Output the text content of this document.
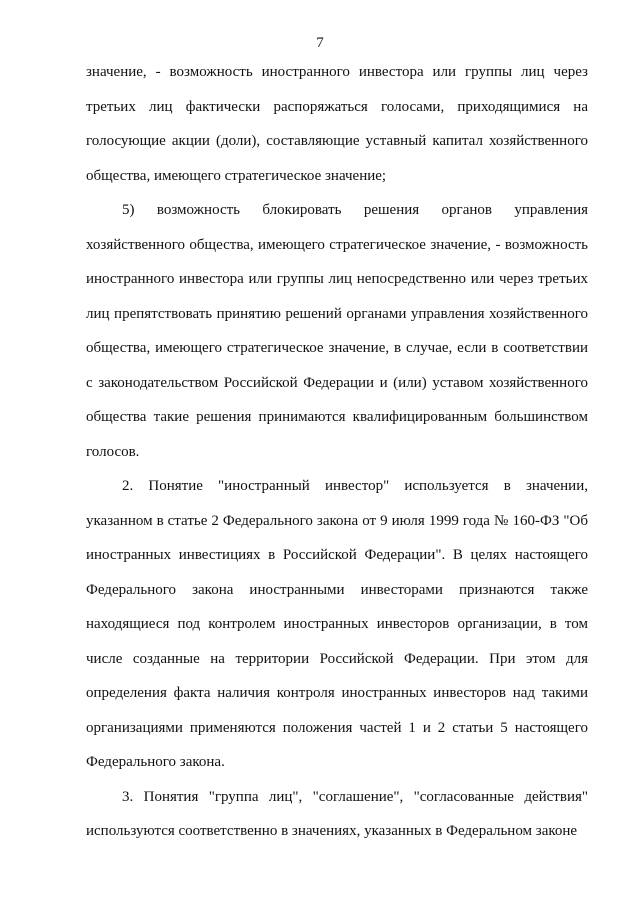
7

значение, - возможность иностранного инвестора или группы лиц через третьих лиц фактически распоряжаться голосами, приходящимися на голосующие акции (доли), составляющие уставный капитал хозяйственного общества, имеющего стратегическое значение;

5) возможность блокировать решения органов управления хозяйственного общества, имеющего стратегическое значение, - возможность иностранного инвестора или группы лиц непосредственно или через третьих лиц препятствовать принятию решений органами управления хозяйственного общества, имеющего стратегическое значение, в случае, если в соответствии с законодательством Российской Федерации и (или) уставом хозяйственного общества такие решения принимаются квалифицированным большинством голосов.

2. Понятие "иностранный инвестор" используется в значении, указанном в статье 2 Федерального закона от 9 июля 1999 года № 160-ФЗ "Об иностранных инвестициях в Российской Федерации". В целях настоящего Федерального закона иностранными инвесторами признаются также находящиеся под контролем иностранных инвесторов организации, в том числе созданные на территории Российской Федерации. При этом для определения факта наличия контроля иностранных инвесторов над такими организациями применяются положения частей 1 и 2 статьи 5 настоящего Федерального закона.

3. Понятия "группа лиц", "соглашение", "согласованные действия" используются соответственно в значениях, указанных в Федеральном законе
